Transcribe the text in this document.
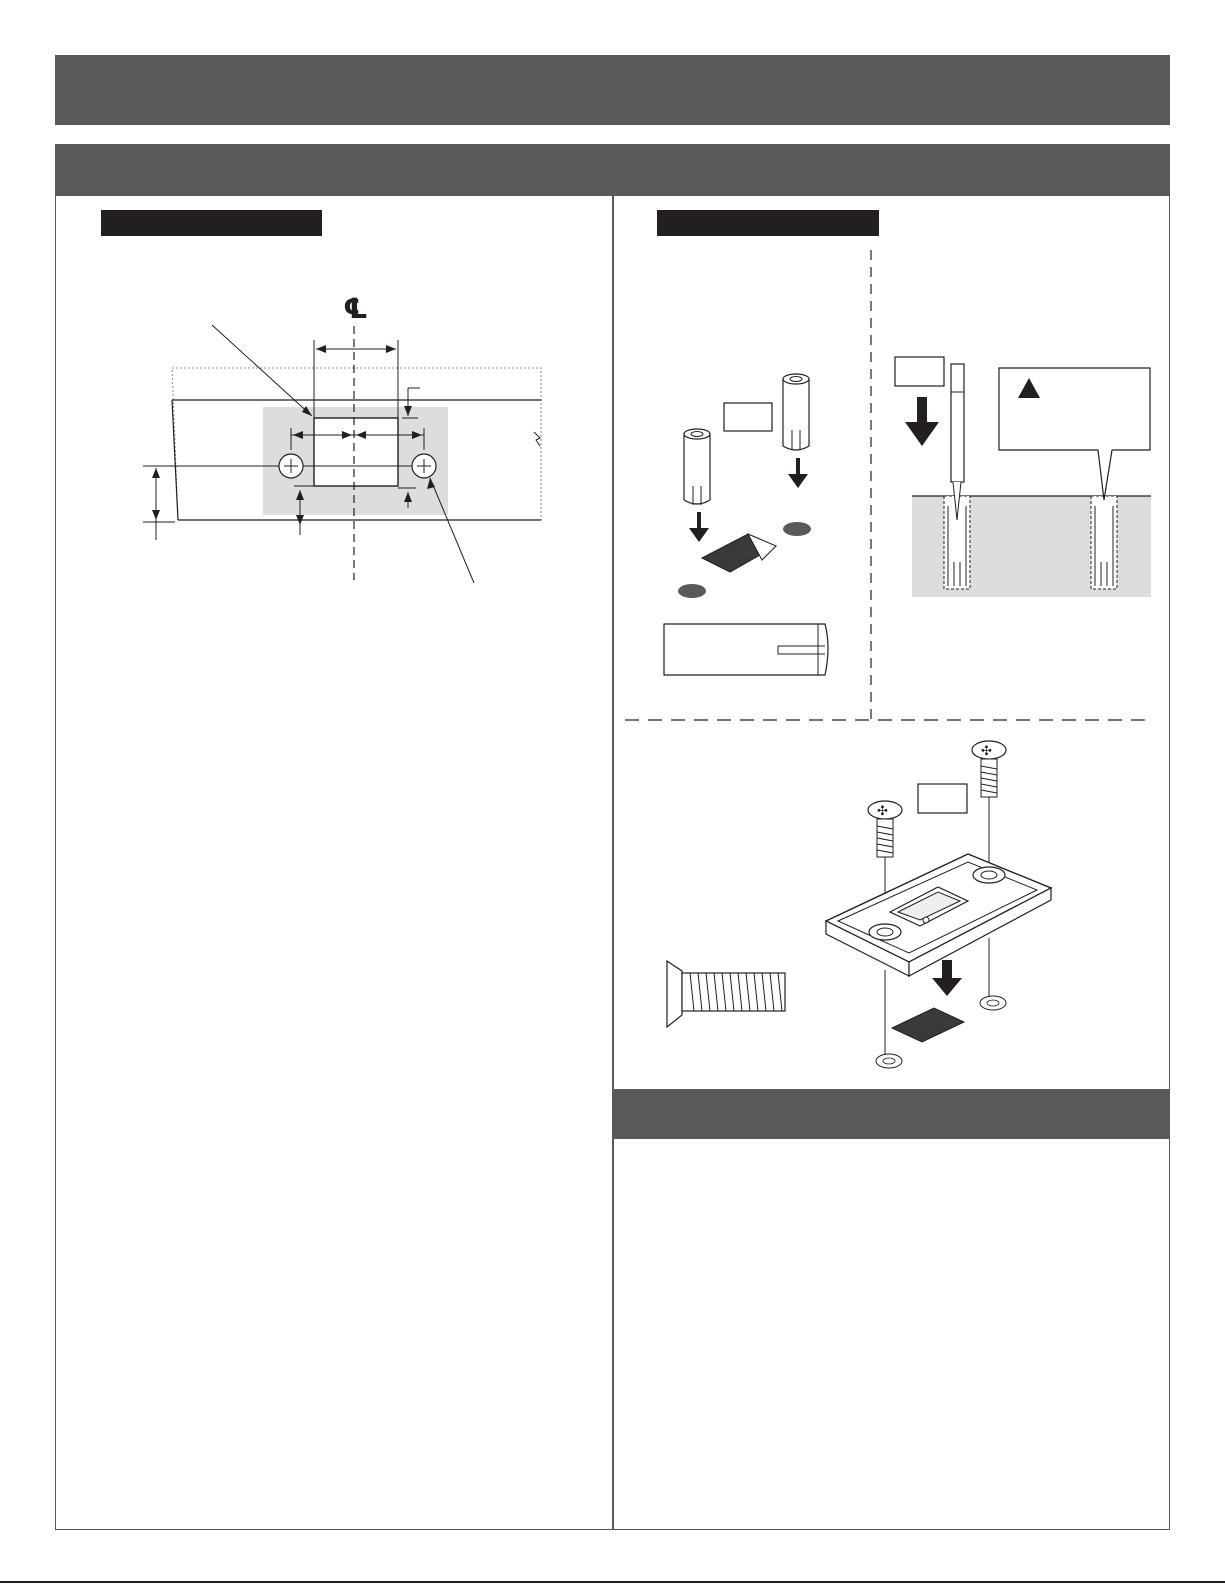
℄
✣
✣
